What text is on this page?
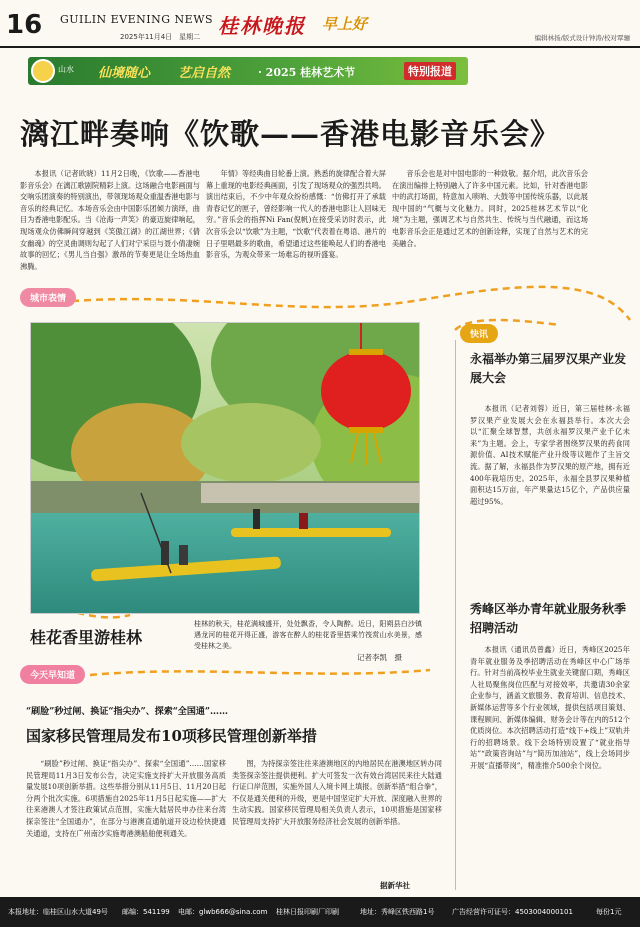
16 GUILIN EVENING NEWS
2025年11月4日　星期二 桂林晚报 早上好
编辑林扬/版式设计钟涛/校对覃骊
山水 仙境随心 艺启自然	· 2025 桂林艺术节	特别报道
漓江畔奏响《饮歌——香港电影音乐会》

本报讯（记者欧晓）11月2日晚，《饮歌——香港电影音乐会》在漓江歌剧院精彩上演。这场融合电影画面与交响乐团演奏的特别演出，带领现场观众重温香港电影与音乐的经典记忆。本场音乐会由中国影乐团倾力演绎，曲目为香港电影配乐。当《沧海一声笑》的豪迈旋律响起，现场观众仿佛瞬间穿越到《笑傲江湖》的江湖世界；《倩女幽魂》的空灵曲调则勾起了人们对宁采臣与聂小倩凄婉故事的回忆；《男儿当自强》激昂的节奏更是让全场热血沸腾。

年情》等经典曲目轮番上演。熟悉的旋律配合着大屏幕上重现的电影经典画面，引发了现场观众的强烈共鸣。演出结束后，不少中年观众纷纷感慨：“仿佛打开了承载青春记忆的匣子，曾经影响一代人的香港电影让人回味无穷。”音乐会的指挥Ni Fan(倪帆)在接受采访时表示，此次音乐会以“饮歌”为主题，“饮歌”代表着在粤语、港片的日子里唱最多的歌曲，希望通过这些能唤起人们的香港电影音乐，为观众带来一场难忘的视听盛宴。

音乐会也是对中国电影的一种致敬。据介绍，此次音乐会在演出编排上特别融入了许多中国元素。比如，针对香港电影中的武打场面，特意加入唢呐、大鼓等中国传统乐器，以此展现中国的“气概与文化魅力。同时，2025桂林艺术节以“化境”为主题，强调艺术与自然共生、传统与当代融通，而这场电影音乐会正是通过艺术的创新诠释，实现了自然与艺术的完美融合。

城市表情
快讯
今天早知道
桂花香里游桂林
桂林的秋天，桂花满城盛开，处处飘香，令人陶醉。近日，阳朔县白沙镇遇龙河的桂花开得正盛，游客在醉人的桂花香里搭乘竹筏赏山水美景，感受桂林之美。
记者李凯　摄
永福举办第三届罗汉果产业发展大会

本报讯（记者刘蓉）近日，第三届桂林·永福罗汉果产业发展大会在永福县举行。本次大会以“汇聚全球智慧，共创永福罗汉果产业千亿未来”为主题。会上，专家学者围绕罗汉果的药食同源价值、AI技术赋能产业升级等议题作了主旨交流。据了解，永福县作为罗汉果的原产地，拥有近400年栽培历史。2025年，永福全县罗汉果种植面积达15万亩，年产果量达15亿个，产品供应量超过95%。

秀峰区举办青年就业服务秋季招聘活动

本报讯（通讯员曾鑫）近日，秀峰区2025年青年就业服务及季招聘活动在秀峰区中心广场举行。针对当前高校毕业生就业关键窗口期，秀峰区人社局聚焦岗位匹配与对接效率，共邀请30余家企业参与，涵盖文旅服务、教育培训、信息技术、新媒体运营等多个行业领域，提供包括项目策划、课程顾问、新媒体编辑、财务会计等在内的512个优质岗位。本次招聘活动打造“线下+线上”双轨并行的招聘场景。线下会场特别设置了“就业指导站”“政策咨询站”与“简历加油站”，线上会场同步开展“直播带岗”，精准推介500余个岗位。

“刷脸”秒过闸、换证“指尖办”、探索“全国通”……
国家移民管理局发布10项移民管理创新举措

“刷脸”秒过闸、换证“指尖办”、探索“全国通”……国家移民管理局11月3日发布公告，决定实施支持扩大开放服务高质量发展10项创新举措。这些举措分别从11月5日、11月20日起分两个批次实施。6项措施自2025年11月5日起实施——扩大往来港澳人才签注政策试点范围，实施大陆居民申办往来台湾探亲签注“全国通办”，在部分与港澳直通航道开设边检快捷通关通道，支持在广州南沙实施粤港澳船舶便利通关。

图，为持探亲签注往来港澳地区的内地居民在港澳地区转办同类签探亲签注提供便利。扩大可签发一次有效台湾居民来往大陆通行证口岸范围，实施外国人入境卡网上填报。创新举措“组合拳”，不仅是通关便利的升级，更是中国坚定扩大开放、深度融入世界的生动实践。国家移民管理局相关负责人表示，10项措施是国家移民管理局支持扩大开放服务经济社会发展的创新举措。

据新华社
本报地址：临桂区山水大道49号 邮编：541199 电邮：glwb666@sina.com 桂林日报印刷厂印刷	地址：秀峰区铁西路1号	广告经营许可证号：4503004000101	每份1元
